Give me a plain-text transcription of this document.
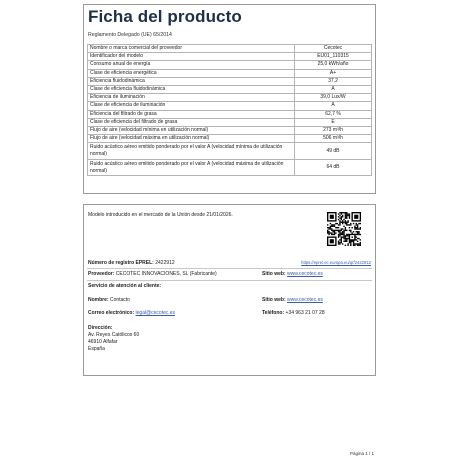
Ficha del producto
Reglamento Delegado (UE) 65/2014
Nombre o marca comercial del proveedor	Cecotec
Identificador del modelo	EU01_110315
Consumo anual de energía	25,0 kWh/año
Clase de eficiencia energética	A+
Eficiencia fluidodinámica	37,2
Clase de eficiencia fluidodinámica	A
Eficiencia de iluminación	39,0 Lux/W
Clase de eficiencia de iluminación	A
Eficiencia del filtrado de grasa	62,7 %
Clase de eficiencia del filtrado de grasa	E
Flujo de aire (velocidad mínima en utilización normal)	273 m³/h
Flujo de aire (velocidad máxima en utilización normal)	506 m³/h
Ruido acústico aéreo emitido ponderado por el valor A (velocidad mínima de utilización normal)	49 dB
Ruido acústico aéreo emitido ponderado por el valor A (velocidad máxima de utilización normal)	64 dB
Modelo introducido en el mercado de la Unión desde 21/01/2026.
Número de registro EPREL: 2422912	https://eprel.ec.europa.eu/qr/2422912
Proveedor: CECOTEC INNOVACIONES, SL (Fabricante)	Sitio web: www.cecotec.es
Servicio de atención al cliente:
Nombre: Contacto	Sitio web: www.cecotec.es
Correo electrónico: legal@cecotec.es	Teléfono: +34 963 21 07 28
Dirección:
Av. Reyes Católicos 60
46910 Alfafar
España
Página 1 / 1
